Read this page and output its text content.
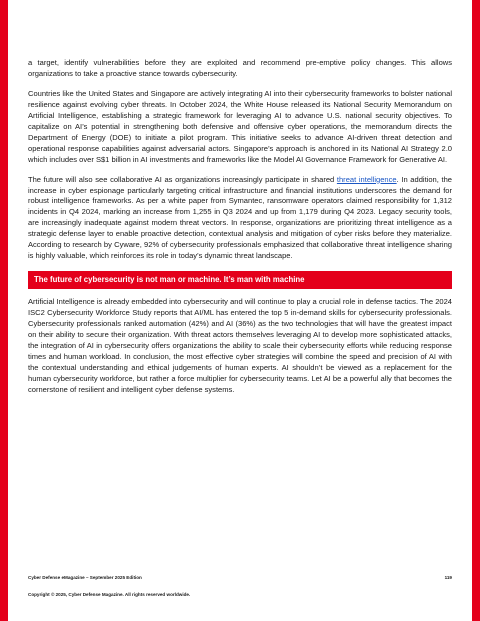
a target, identify vulnerabilities before they are exploited and recommend pre-emptive policy changes. This allows organizations to take a proactive stance towards cybersecurity.

Countries like the United States and Singapore are actively integrating AI into their cybersecurity frameworks to bolster national resilience against evolving cyber threats. In October 2024, the White House released its National Security Memorandum on Artificial Intelligence, establishing a strategic framework for leveraging AI to advance U.S. national security objectives. To capitalize on AI’s potential in strengthening both defensive and offensive cyber operations, the memorandum directs the Department of Energy (DOE) to initiate a pilot program. This initiative seeks to advance AI-driven threat detection and operational response capabilities against adversarial actors. Singapore’s approach is anchored in its National AI Strategy 2.0 which includes over S$1 billion in AI investments and frameworks like the Model AI Governance Framework for Generative AI.

The future will also see collaborative AI as organizations increasingly participate in shared threat intelligence. In addition, the increase in cyber espionage particularly targeting critical infrastructure and financial institutions underscores the demand for robust intelligence frameworks. As per a white paper from Symantec, ransomware operators claimed responsibility for 1,312 incidents in Q4 2024, marking an increase from 1,255 in Q3 2024 and up from 1,179 during Q4 2023. Legacy security tools, are increasingly inadequate against modern threat vectors. In response, organizations are prioritizing threat intelligence as a strategic defense layer to enable proactive detection, contextual analysis and mitigation of cyber risks before they materialize. According to research by Cyware, 92% of cybersecurity professionals emphasized that collaborative threat intelligence sharing is highly valuable, which reinforces its role in today’s dynamic threat landscape.

The future of cybersecurity is not man or machine. It’s man with machine

Artificial Intelligence is already embedded into cybersecurity and will continue to play a crucial role in defense tactics. The 2024 ISC2 Cybersecurity Workforce Study reports that AI/ML has entered the top 5 in-demand skills for cybersecurity professionals. Cybersecurity professionals ranked automation (42%) and AI (36%) as the two technologies that will have the greatest impact on their ability to secure their organization. With threat actors themselves leveraging AI to develop more sophisticated attacks, the integration of AI in cybersecurity offers organizations the ability to scale their cybersecurity efforts while reducing response times and human workload. In conclusion, the most effective cyber strategies will combine the speed and precision of AI with the contextual understanding and ethical judgements of human experts. AI shouldn’t be viewed as a replacement for the human cybersecurity workforce, but rather a force multiplier for cybersecurity teams. Let AI be a powerful ally that becomes the cornerstone of resilient and intelligent cyber defense systems.

Cyber Defense eMagazine – September 2025 Edition	119
Copyright © 2025, Cyber Defense Magazine. All rights reserved worldwide.
